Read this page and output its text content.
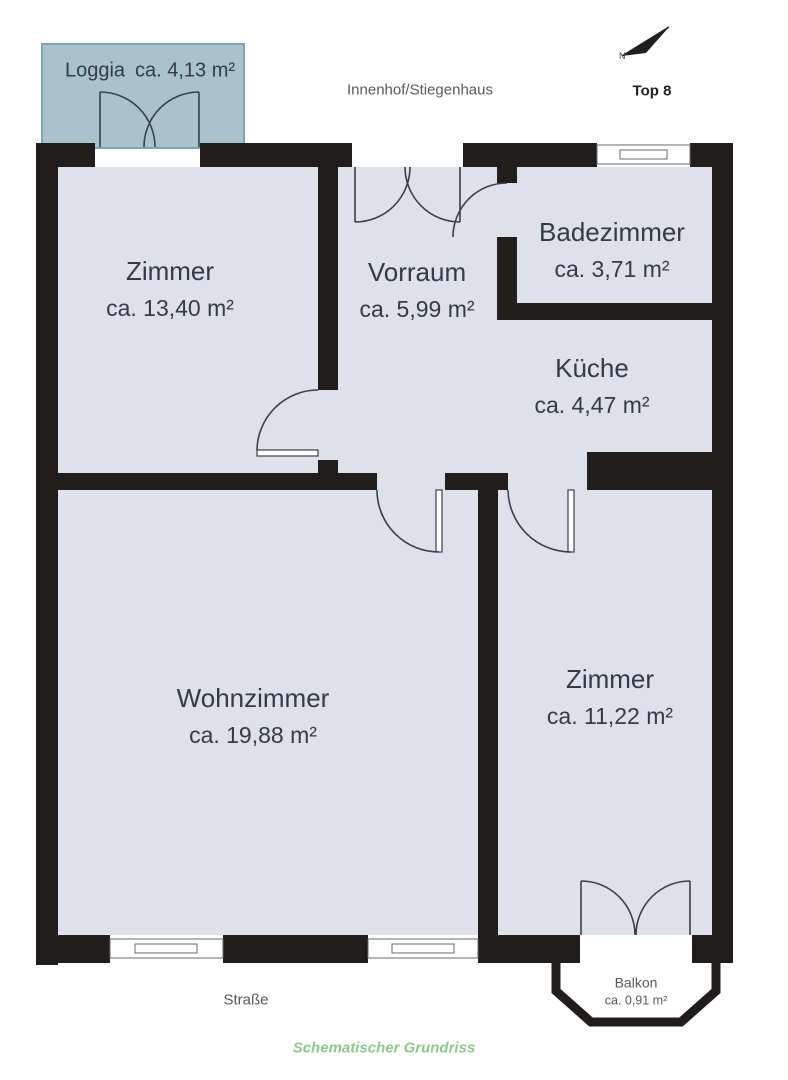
N
Loggia ca. 4,13 m²
Zimmer
ca. 13,40 m²
Vorraum
ca. 5,99 m²
Badezimmer
ca. 3,71 m²
Küche
ca. 4,47 m²
Wohnzimmer
ca. 19,88 m²
Zimmer
ca. 11,22 m²
Balkon
ca. 0,91 m²
Innenhof/Stiegenhaus	Top 8
Straße
Schematischer Grundriss
